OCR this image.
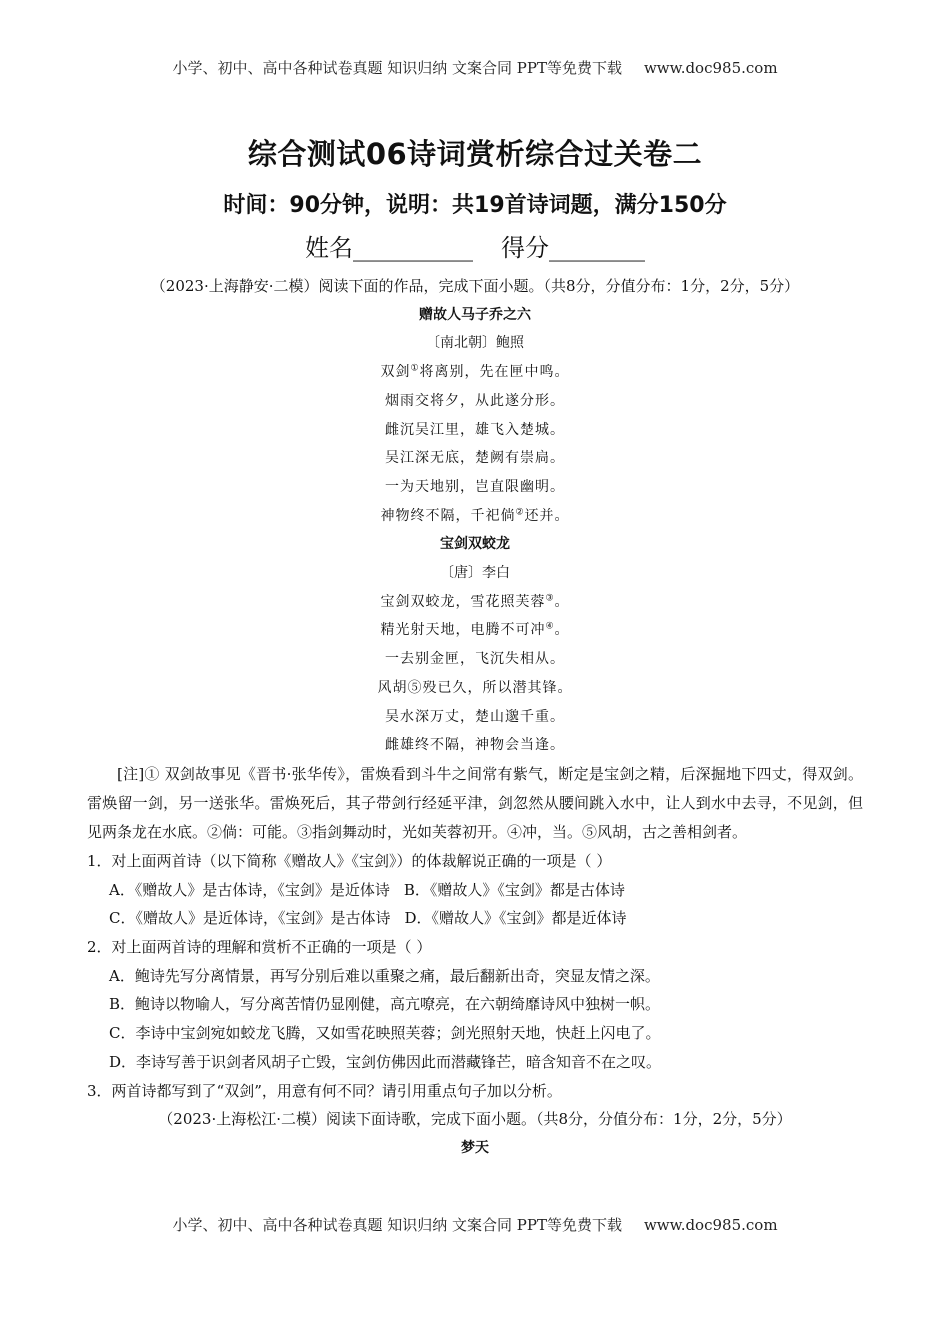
小学、初中、高中各种试卷真题 知识归纳 文案合同 PPT等免费下载 www.doc985.com
综合测试06诗词赏析综合过关卷二
时间：90分钟，说明：共19首诗词题，满分150分
姓名__________ 得分________
（2023·上海静安·二模）阅读下面的作品，完成下面小题。（共8分，分值分布：1分，2分，5分）
赠故人马子乔之六
〔南北朝〕鲍照
双剑①将离别，先在匣中鸣。
烟雨交将夕，从此遂分形。
雌沉吴江里，雄飞入楚城。
吴江深无底，楚阙有崇扃。
一为天地别，岂直限幽明。
神物终不隔，千祀倘②还并。
宝剑双蛟龙
〔唐〕李白
宝剑双蛟龙，雪花照芙蓉③。
精光射天地，电腾不可冲④。
一去别金匣，飞沉失相从。
风胡⑤殁已久，所以潜其锋。
吴水深万丈，楚山邈千重。
雌雄终不隔，神物会当逢。
[注]① 双剑故事见《晋书·张华传》，雷焕看到斗牛之间常有紫气，断定是宝剑之精，后深掘地下四丈，得双剑。雷焕留一剑，另一送张华。雷焕死后，其子带剑行经延平津，剑忽然从腰间跳入水中，让人到水中去寻，不见剑，但见两条龙在水底。②倘：可能。③指剑舞动时，光如芙蓉初开。④冲，当。⑤风胡，古之善相剑者。
1．对上面两首诗（以下简称《赠故人》《宝剑》）的体裁解说正确的一项是（ ）
A．《赠故人》是古体诗，《宝剑》是近体诗 B．《赠故人》《宝剑》都是古体诗
C．《赠故人》是近体诗，《宝剑》是古体诗 D．《赠故人》《宝剑》都是近体诗
2．对上面两首诗的理解和赏析不正确的一项是（ ）
A．鲍诗先写分离情景，再写分别后难以重聚之痛，最后翻新出奇，突显友情之深。
B．鲍诗以物喻人，写分离苦情仍显刚健，高亢嘹亮，在六朝绮靡诗风中独树一帜。
C．李诗中宝剑宛如蛟龙飞腾，又如雪花映照芙蓉；剑光照射天地，快赶上闪电了。
D．李诗写善于识剑者风胡子亡毁，宝剑仿佛因此而潜藏锋芒，暗含知音不在之叹。
3．两首诗都写到了“双剑”，用意有何不同？请引用重点句子加以分析。
（2023·上海松江·二模）阅读下面诗歌，完成下面小题。（共8分，分值分布：1分，2分，5分）
梦天
小学、初中、高中各种试卷真题 知识归纳 文案合同 PPT等免费下载 www.doc985.com
